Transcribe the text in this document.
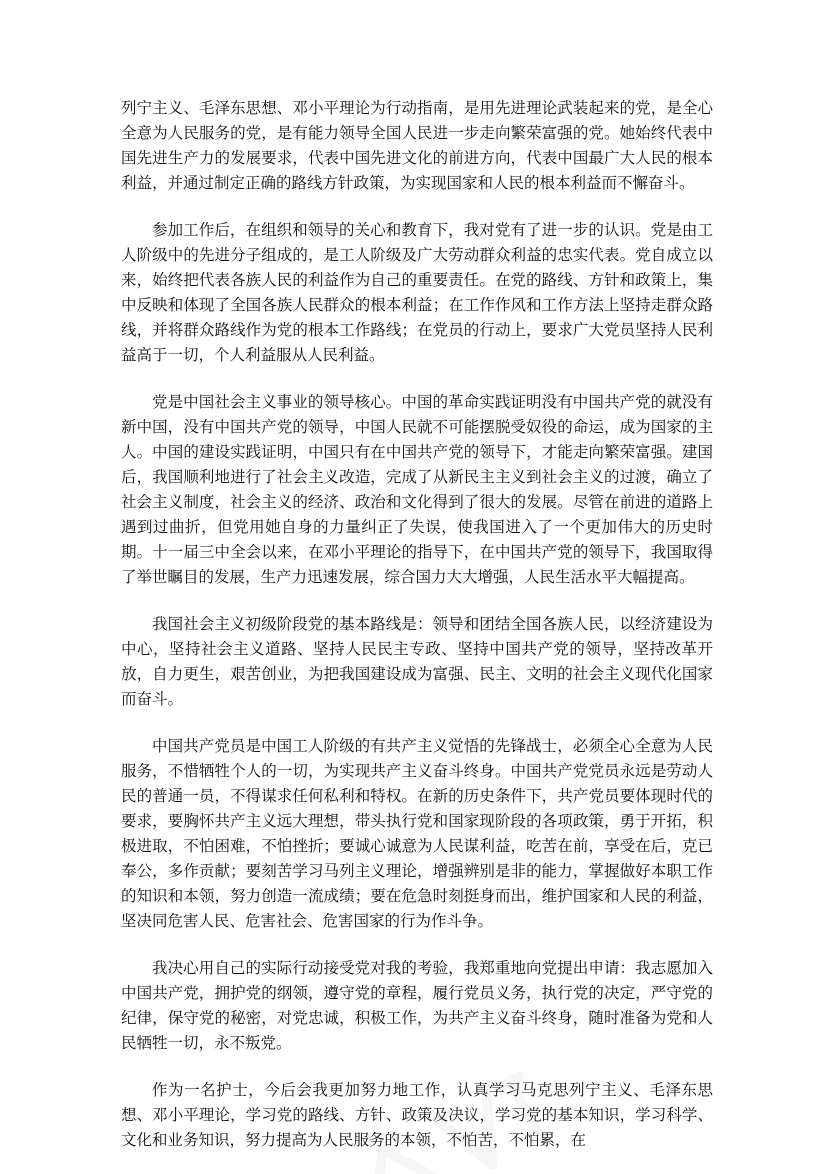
列宁主义、毛泽东思想、邓小平理论为行动指南，是用先进理论武装起来的党，是全心全意为人民服务的党，是有能力领导全国人民进一步走向繁荣富强的党。她始终代表中国先进生产力的发展要求，代表中国先进文化的前进方向，代表中国最广大人民的根本利益，并通过制定正确的路线方针政策，为实现国家和人民的根本利益而不懈奋斗。

参加工作后，在组织和领导的关心和教育下，我对党有了进一步的认识。党是由工人阶级中的先进分子组成的，是工人阶级及广大劳动群众利益的忠实代表。党自成立以来，始终把代表各族人民的利益作为自己的重要责任。在党的路线、方针和政策上，集中反映和体现了全国各族人民群众的根本利益；在工作作风和工作方法上坚持走群众路线，并将群众路线作为党的根本工作路线；在党员的行动上，要求广大党员坚持人民利益高于一切，个人利益服从人民利益。

党是中国社会主义事业的领导核心。中国的革命实践证明没有中国共产党的就没有新中国，没有中国共产党的领导，中国人民就不可能摆脱受奴役的命运，成为国家的主人。中国的建设实践证明，中国只有在中国共产党的领导下，才能走向繁荣富强。建国后，我国顺利地进行了社会主义改造，完成了从新民主主义到社会主义的过渡，确立了社会主义制度，社会主义的经济、政治和文化得到了很大的发展。尽管在前进的道路上遇到过曲折，但党用她自身的力量纠正了失误，使我国进入了一个更加伟大的历史时期。十一届三中全会以来，在邓小平理论的指导下，在中国共产党的领导下，我国取得了举世瞩目的发展，生产力迅速发展，综合国力大大增强，人民生活水平大幅提高。

我国社会主义初级阶段党的基本路线是：领导和团结全国各族人民，以经济建设为中心，坚持社会主义道路、坚持人民民主专政、坚持中国共产党的领导，坚持改革开放，自力更生，艰苦创业，为把我国建设成为富强、民主、文明的社会主义现代化国家而奋斗。

中国共产党员是中国工人阶级的有共产主义觉悟的先锋战士，必须全心全意为人民服务，不惜牺牲个人的一切，为实现共产主义奋斗终身。中国共产党党员永远是劳动人民的普通一员，不得谋求任何私利和特权。在新的历史条件下，共产党员要体现时代的要求，要胸怀共产主义远大理想，带头执行党和国家现阶段的各项政策，勇于开拓，积极进取，不怕困难，不怕挫折；要诚心诚意为人民谋利益，吃苦在前，享受在后，克已奉公，多作贡献；要刻苦学习马列主义理论，增强辨别是非的能力，掌握做好本职工作的知识和本领，努力创造一流成绩；要在危急时刻挺身而出，维护国家和人民的利益，坚决同危害人民、危害社会、危害国家的行为作斗争。

我决心用自己的实际行动接受党对我的考验，我郑重地向党提出申请：我志愿加入中国共产党，拥护党的纲领，遵守党的章程，履行党员义务，执行党的决定，严守党的纪律，保守党的秘密，对党忠诚，积极工作，为共产主义奋斗终身，随时准备为党和人民牺牲一切，永不叛党。

作为一名护士，今后会我更加努力地工作，认真学习马克思列宁主义、毛泽东思想、邓小平理论，学习党的路线、方针、政策及决议，学习党的基本知识，学习科学、文化和业务知识，努力提高为人民服务的本领，不怕苦，不怕累，在
